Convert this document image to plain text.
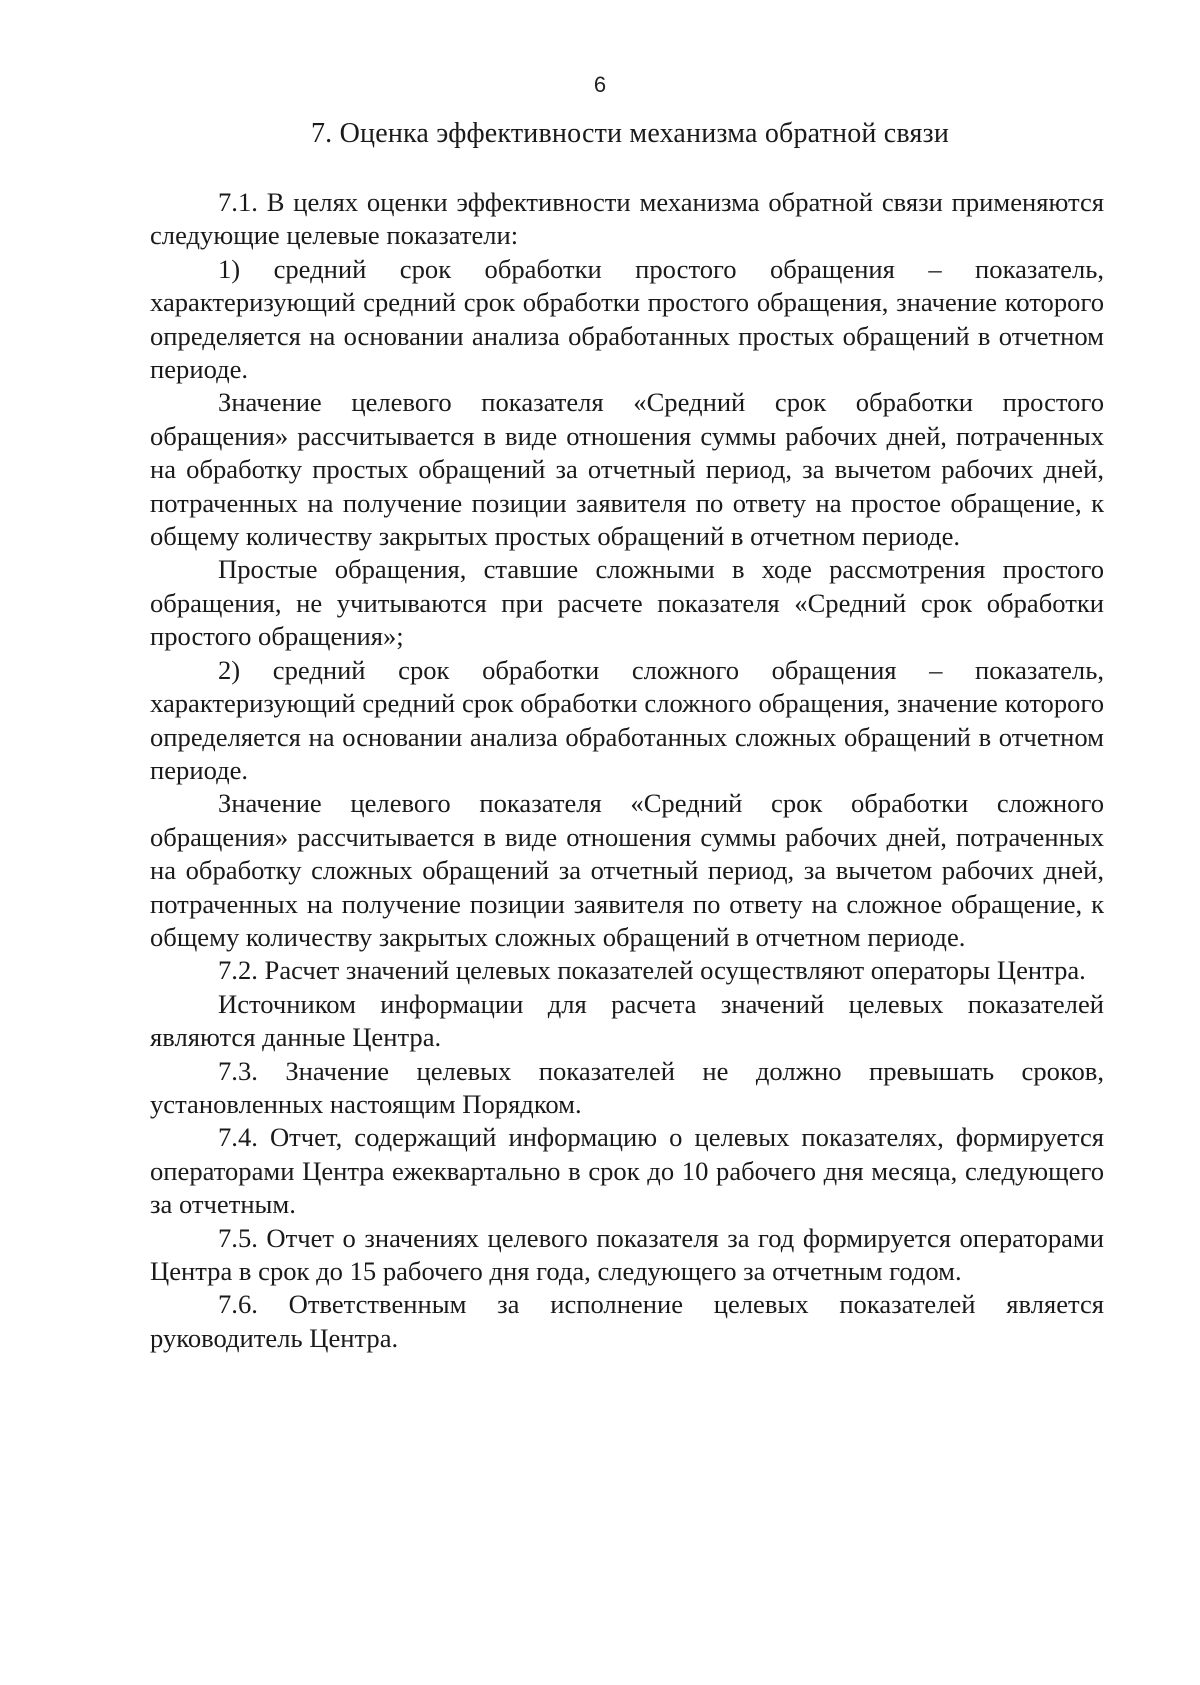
6
7. Оценка эффективности механизма обратной связи

7.1. В целях оценки эффективности механизма обратной связи применяются следующие целевые показатели:

1) средний срок обработки простого обращения – показатель, характеризующий средний срок обработки простого обращения, значение которого определяется на основании анализа обработанных простых обращений в отчетном периоде.

Значение целевого показателя «Средний срок обработки простого обращения» рассчитывается в виде отношения суммы рабочих дней, потраченных на обработку простых обращений за отчетный период, за вычетом рабочих дней, потраченных на получение позиции заявителя по ответу на простое обращение, к общему количеству закрытых простых обращений в отчетном периоде.

Простые обращения, ставшие сложными в ходе рассмотрения простого обращения, не учитываются при расчете показателя «Средний срок обработки простого обращения»;

2) средний срок обработки сложного обращения – показатель, характеризующий средний срок обработки сложного обращения, значение которого определяется на основании анализа обработанных сложных обращений в отчетном периоде.

Значение целевого показателя «Средний срок обработки сложного обращения» рассчитывается в виде отношения суммы рабочих дней, потраченных на обработку сложных обращений за отчетный период, за вычетом рабочих дней, потраченных на получение позиции заявителя по ответу на сложное обращение, к общему количеству закрытых сложных обращений в отчетном периоде.

7.2. Расчет значений целевых показателей осуществляют операторы Центра.

Источником информации для расчета значений целевых показателей являются данные Центра.

7.3. Значение целевых показателей не должно превышать сроков, установленных настоящим Порядком.

7.4. Отчет, содержащий информацию о целевых показателях, формируется операторами Центра ежеквартально в срок до 10 рабочего дня месяца, следующего за отчетным.

7.5. Отчет о значениях целевого показателя за год формируется операторами Центра в срок до 15 рабочего дня года, следующего за отчетным годом.

7.6. Ответственным за исполнение целевых показателей является руководитель Центра.
